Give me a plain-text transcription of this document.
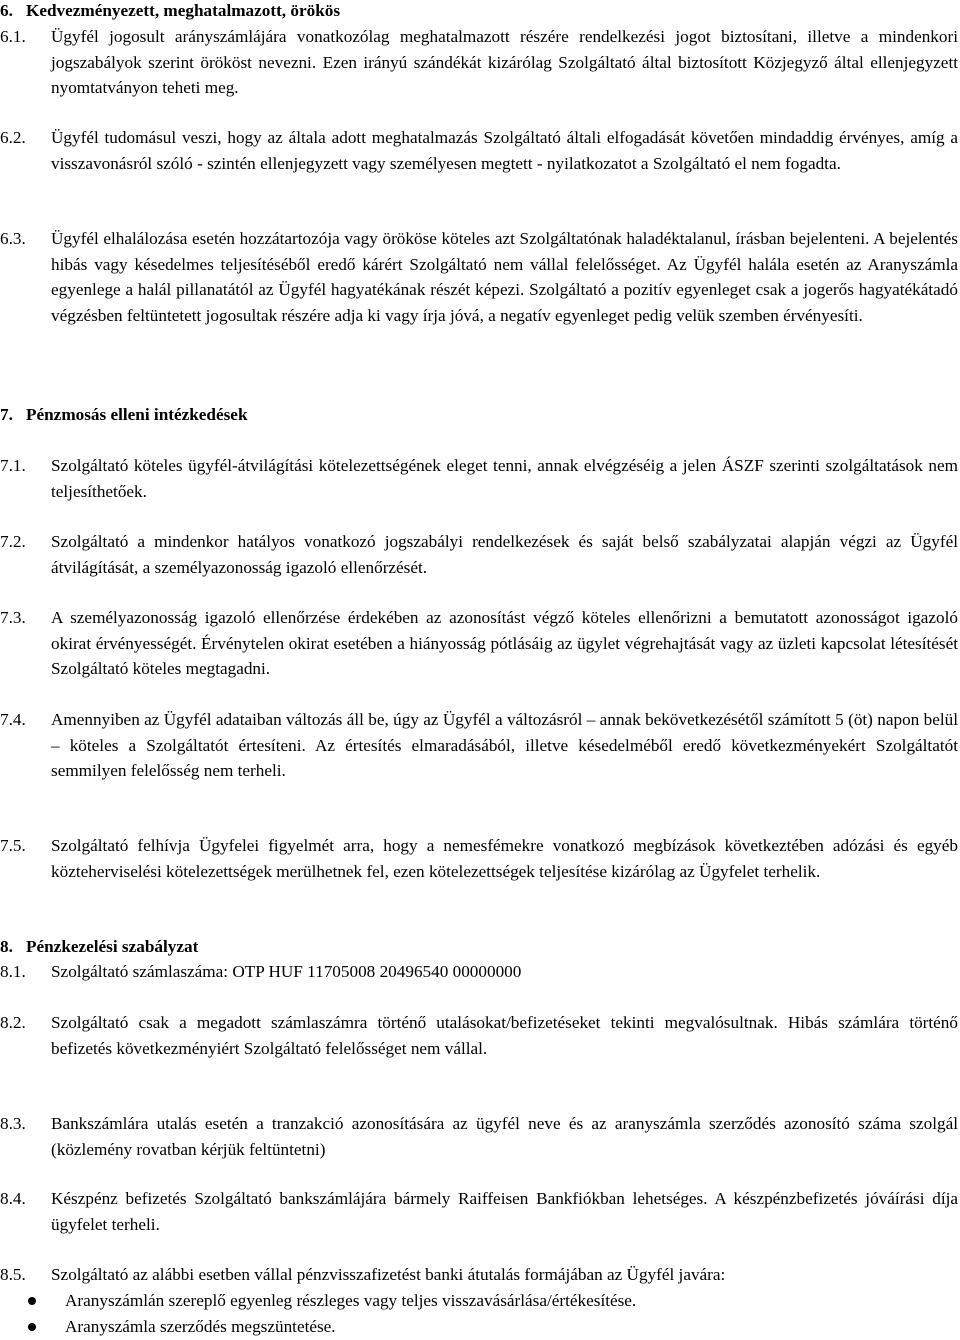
6. Kedvezményezett, meghatalmazott, örökös
6.1.	Ügyfél jogosult arányszámlájára vonatkozólag meghatalmazott részére rendelkezési jogot biztosítani, illetve a mindenkori jogszabályok szerint örököst nevezni. Ezen irányú szándékát kizárólag Szolgáltató által biztosított Közjegyző által ellenjegyzett nyomtatványon teheti meg.
6.2.	Ügyfél tudomásul veszi, hogy az általa adott meghatalmazás Szolgáltató általi elfogadását követően mindaddig érvényes, amíg a visszavonásról szóló - szintén ellenjegyzett vagy személyesen megtett - nyilatkozatot a Szolgáltató el nem fogadta.
6.3.	Ügyfél elhalálozása esetén hozzátartozója vagy örököse köteles azt Szolgáltatónak haladéktalanul, írásban bejelenteni. A bejelentés hibás vagy késedelmes teljesítéséből eredő kárért Szolgáltató nem vállal felelősséget. Az Ügyfél halála esetén az Aranyszámla egyenlege a halál pillanatától az Ügyfél hagyatékának részét képezi. Szolgáltató a pozitív egyenleget csak a jogerős hagyatékátadó végzésben feltüntetett jogosultak részére adja ki vagy írja jóvá, a negatív egyenleget pedig velük szemben érvényesíti.
7. Pénzmosás elleni intézkedések
7.1.	Szolgáltató köteles ügyfél-átvilágítási kötelezettségének eleget tenni, annak elvégzéséig a jelen ÁSZF szerinti szolgáltatások nem teljesíthetőek.
7.2.	Szolgáltató a mindenkor hatályos vonatkozó jogszabályi rendelkezések és saját belső szabályzatai alapján végzi az Ügyfél átvilágítását, a személyazonosság igazoló ellenőrzését.
7.3.	A személyazonosság igazoló ellenőrzése érdekében az azonosítást végző köteles ellenőrizni a bemutatott azonosságot igazoló okirat érvényességét. Érvénytelen okirat esetében a hiányosság pótlásáig az ügylet végrehajtását vagy az üzleti kapcsolat létesítését Szolgáltató köteles megtagadni.
7.4.	Amennyiben az Ügyfél adataiban változás áll be, úgy az Ügyfél a változásról – annak bekövetkezésétől számított 5 (öt) napon belül – köteles a Szolgáltatót értesíteni. Az értesítés elmaradásából, illetve késedelméből eredő következményekért Szolgáltatót semmilyen felelősség nem terheli.
7.5.	Szolgáltató felhívja Ügyfelei figyelmét arra, hogy a nemesfémekre vonatkozó megbízások következtében adózási és egyéb közteherviselési kötelezettségek merülhetnek fel, ezen kötelezettségek teljesítése kizárólag az Ügyfelet terhelik.
8. Pénzkezelési szabályzat
8.1.	Szolgáltató számlaszáma: OTP HUF 11705008 20496540 00000000
8.2.	Szolgáltató csak a megadott számlaszámra történő utalásokat/befizetéseket tekinti megvalósultnak. Hibás számlára történő befizetés következményiért Szolgáltató felelősséget nem vállal.
8.3.	Bankszámlára utalás esetén a tranzakció azonosítására az ügyfél neve és az aranyszámla szerződés azonosító száma szolgál (közlemény rovatban kérjük feltüntetni)
8.4.	Készpénz befizetés Szolgáltató bankszámlájára bármely Raiffeisen Bankfiókban lehetséges. A készpénzbefizetés jóváírási díja ügyfelet terheli.
8.5.	Szolgáltató az alábbi esetben vállal pénzvisszafizetést banki átutalás formájában az Ügyfél javára:
Aranyszámlán szereplő egyenleg részleges vagy teljes visszavásárlása/értékesítése.
Aranyszámla szerződés megszüntetése.
